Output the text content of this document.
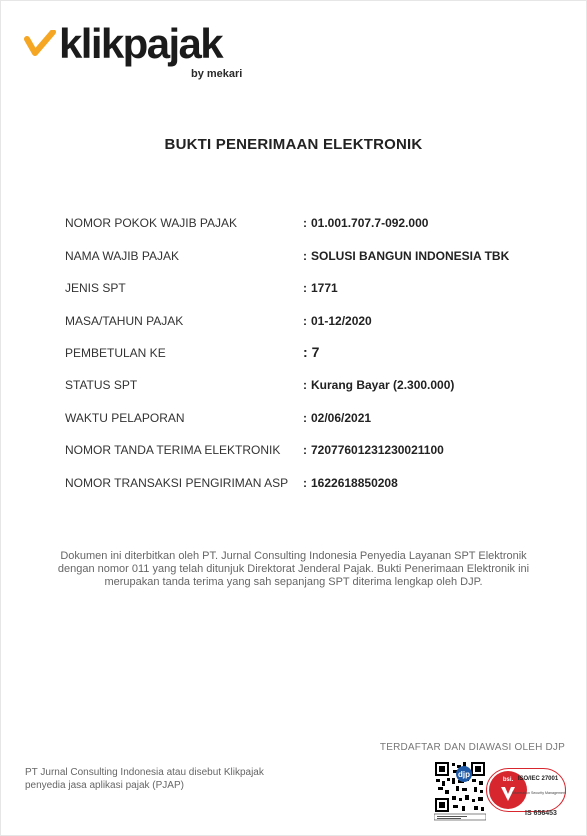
klikpajak
by mekari
BUKTI PENERIMAAN ELEKTRONIK
NOMOR POKOK WAJIB PAJAK	: 01.001.707.7-092.000
NAMA WAJIB PAJAK	: SOLUSI BANGUN INDONESIA TBK
JENIS SPT	: 1771
MASA/TAHUN PAJAK	: 01-12/2020
PEMBETULAN KE	: 7
STATUS SPT	: Kurang Bayar (2.300.000)
WAKTU PELAPORAN	: 02/06/2021
NOMOR TANDA TERIMA ELEKTRONIK : 7207760123123002110​0
NOMOR TRANSAKSI PENGIRIMAN ASP : 1622618850208
Dokumen ini diterbitkan oleh PT. Jurnal Consulting Indonesia Penyedia Layanan SPT Elektronik dengan nomor 011 yang telah ditunjuk Direktorat Jenderal Pajak. Bukti Penerimaan Elektronik ini merupakan tanda terima yang sah sepanjang SPT diterima lengkap oleh DJP.
TERDAFTAR DAN DIAWASI OLEH DJP
PT Jurnal Consulting Indonesia atau disebut Klikpajak penyedia jasa aplikasi pajak (PJAP)	bsi. ISO/IEC 27001
Information Security Management
djp
IS 656453
